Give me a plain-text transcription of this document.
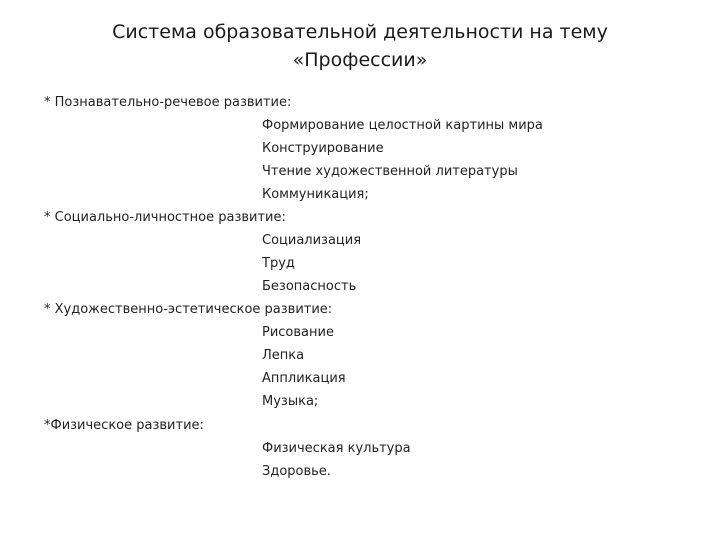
Система образовательной деятельности на тему
«Профессии»
* Познавательно-речевое развитие:
Формирование целостной картины мира
Конструирование
Чтение художественной литературы
Коммуникация;
* Социально-личностное развитие:
Социализация
Труд
Безопасность
* Художественно-эстетическое развитие:
Рисование
Лепка
Аппликация
Музыка;
*Физическое развитие:
Физическая культура
Здоровье.
